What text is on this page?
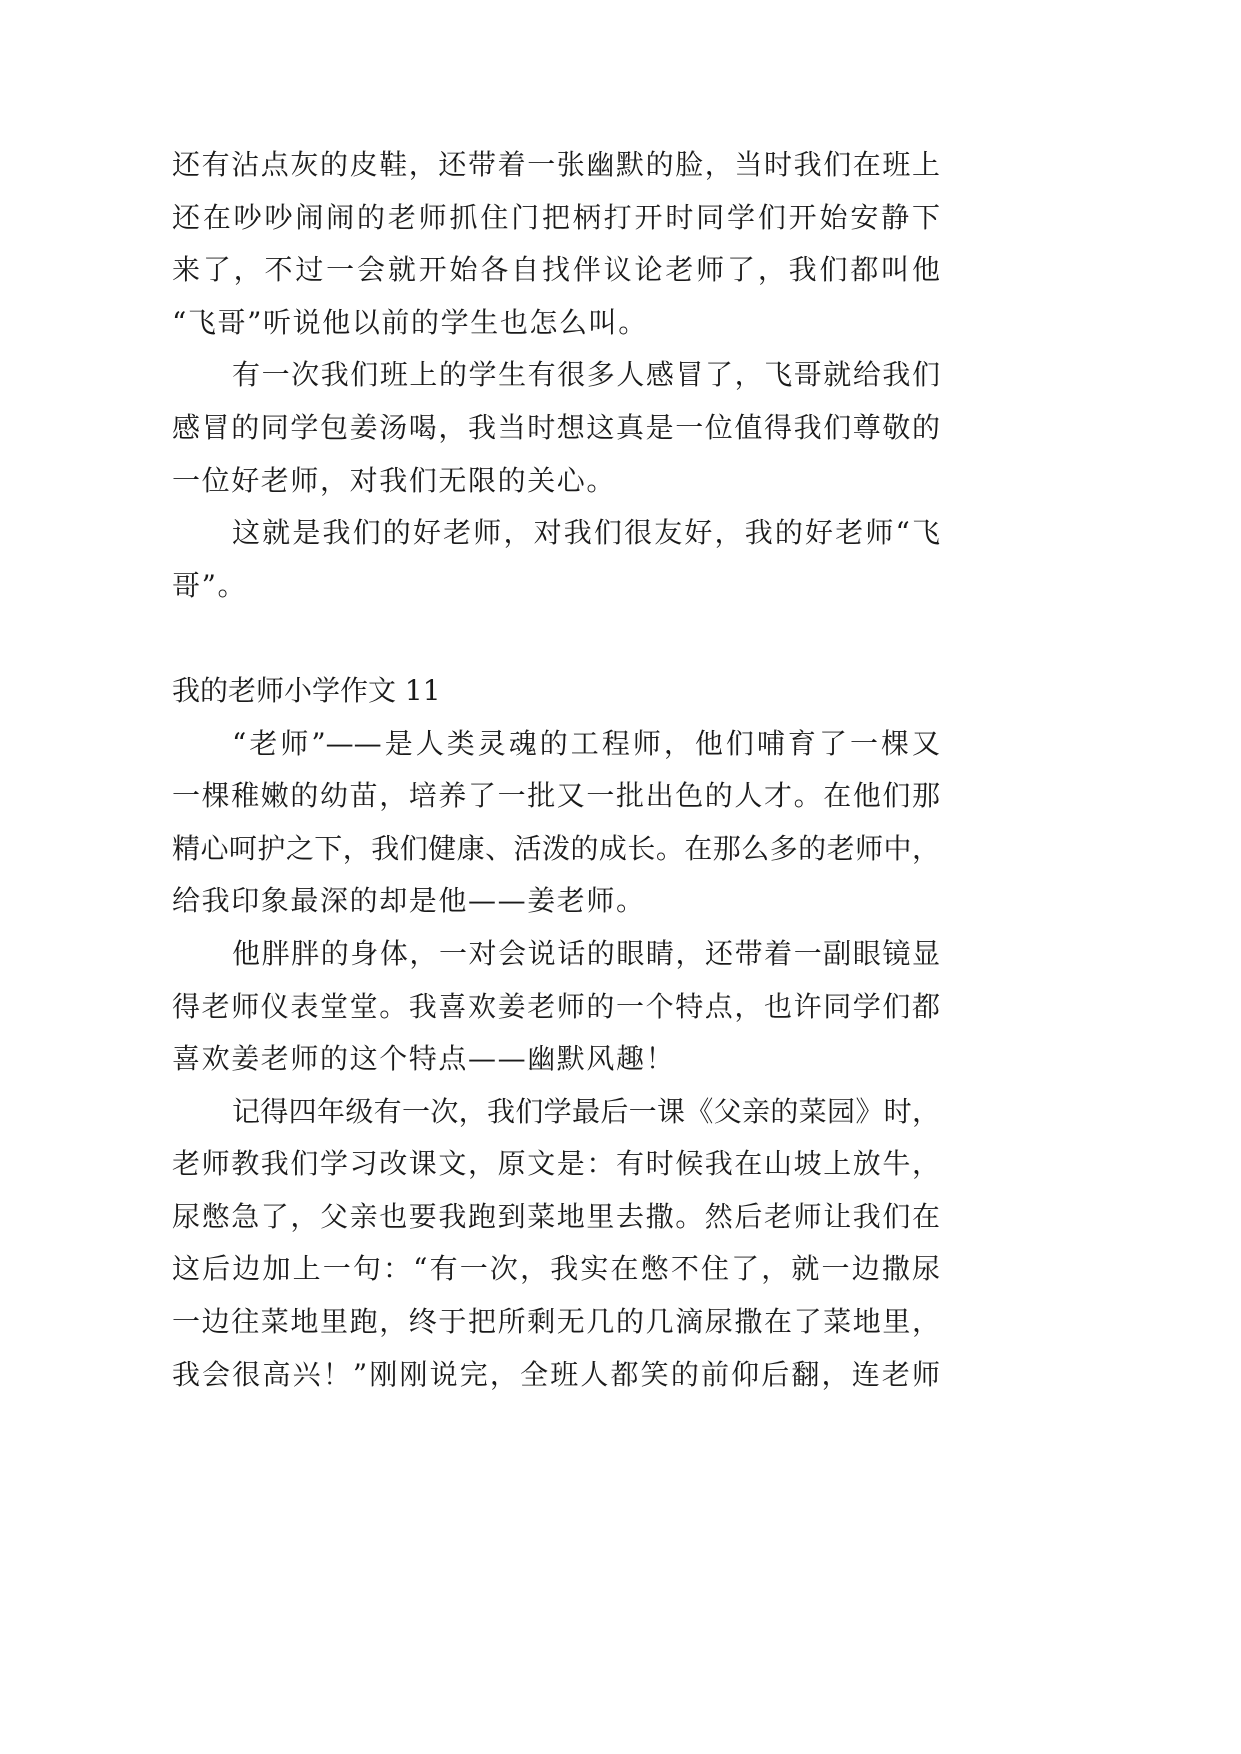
还有沾点灰的皮鞋，还带着一张幽默的脸，当时我们在班上
还在吵吵闹闹的老师抓住门把柄打开时同学们开始安静下
来了，不过一会就开始各自找伴议论老师了，我们都叫他
“飞哥”听说他以前的学生也怎么叫。
有一次我们班上的学生有很多人感冒了，飞哥就给我们
感冒的同学包姜汤喝，我当时想这真是一位值得我们尊敬的
一位好老师，对我们无限的关心。
这就是我们的好老师，对我们很友好，我的好老师“飞
哥”。
我的老师小学作文 11
“老师”——是人类灵魂的工程师，他们哺育了一棵又
一棵稚嫩的幼苗，培养了一批又一批出色的人才。在他们那
精心呵护之下，我们健康、活泼的成长。在那么多的老师中，
给我印象最深的却是他——姜老师。
他胖胖的身体，一对会说话的眼睛，还带着一副眼镜显
得老师仪表堂堂。我喜欢姜老师的一个特点，也许同学们都
喜欢姜老师的这个特点——幽默风趣！
记得四年级有一次，我们学最后一课《父亲的菜园》时，
老师教我们学习改课文，原文是：有时候我在山坡上放牛，
尿憋急了，父亲也要我跑到菜地里去撒。然后老师让我们在
这后边加上一句：“有一次，我实在憋不住了，就一边撒尿
一边往菜地里跑，终于把所剩无几的几滴尿撒在了菜地里，
我会很高兴！”刚刚说完，全班人都笑的前仰后翻，连老师
